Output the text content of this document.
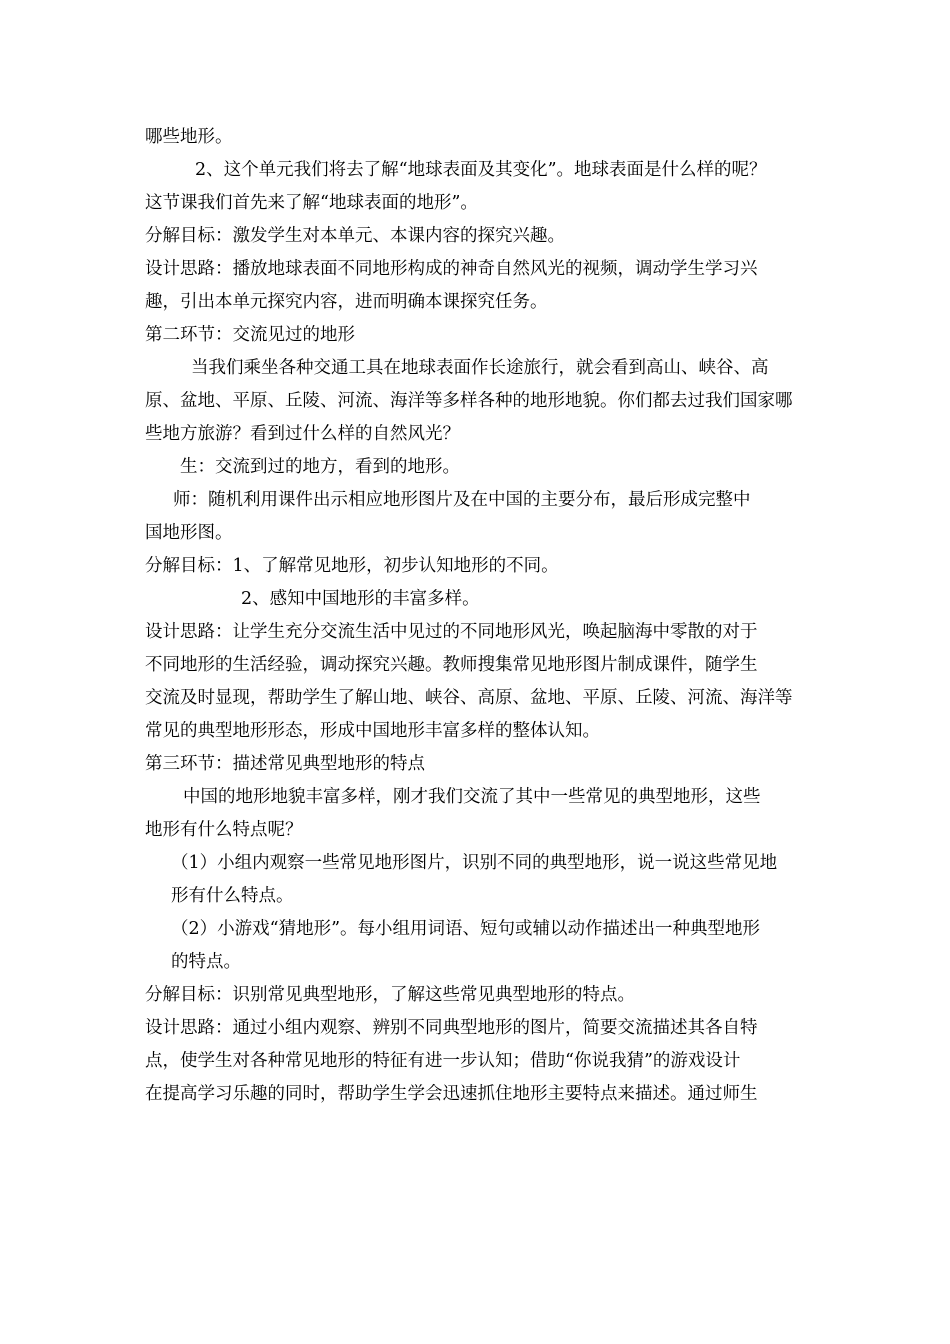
哪些地形。
2、这个单元我们将去了解“地球表面及其变化”。地球表面是什么样的呢？
这节课我们首先来了解“地球表面的地形”。
分解目标：激发学生对本单元、本课内容的探究兴趣。
设计思路：播放地球表面不同地形构成的神奇自然风光的视频，调动学生学习兴
趣，引出本单元探究内容，进而明确本课探究任务。
第二环节：交流见过的地形
当我们乘坐各种交通工具在地球表面作长途旅行，就会看到高山、峡谷、高
原、盆地、平原、丘陵、河流、海洋等多样各种的地形地貌。你们都去过我们国家哪
些地方旅游？看到过什么样的自然风光？
生：交流到过的地方，看到的地形。
师：随机利用课件出示相应地形图片及在中国的主要分布，最后形成完整中
国地形图。
分解目标：1、了解常见地形，初步认知地形的不同。
2、感知中国地形的丰富多样。
设计思路：让学生充分交流生活中见过的不同地形风光，唤起脑海中零散的对于
不同地形的生活经验，调动探究兴趣。教师搜集常见地形图片制成课件，随学生
交流及时显现，帮助学生了解山地、峡谷、高原、盆地、平原、丘陵、河流、海洋等
常见的典型地形形态，形成中国地形丰富多样的整体认知。
第三环节：描述常见典型地形的特点
中国的地形地貌丰富多样，刚才我们交流了其中一些常见的典型地形，这些
地形有什么特点呢？
（1）小组内观察一些常见地形图片，识别不同的典型地形，说一说这些常见地
形有什么特点。
（2）小游戏“猜地形”。每小组用词语、短句或辅以动作描述出一种典型地形
的特点。
分解目标：识别常见典型地形，了解这些常见典型地形的特点。
设计思路：通过小组内观察、辨别不同典型地形的图片，简要交流描述其各自特
点，使学生对各种常见地形的特征有进一步认知；借助“你说我猜”的游戏设计
在提高学习乐趣的同时，帮助学生学会迅速抓住地形主要特点来描述。通过师生
